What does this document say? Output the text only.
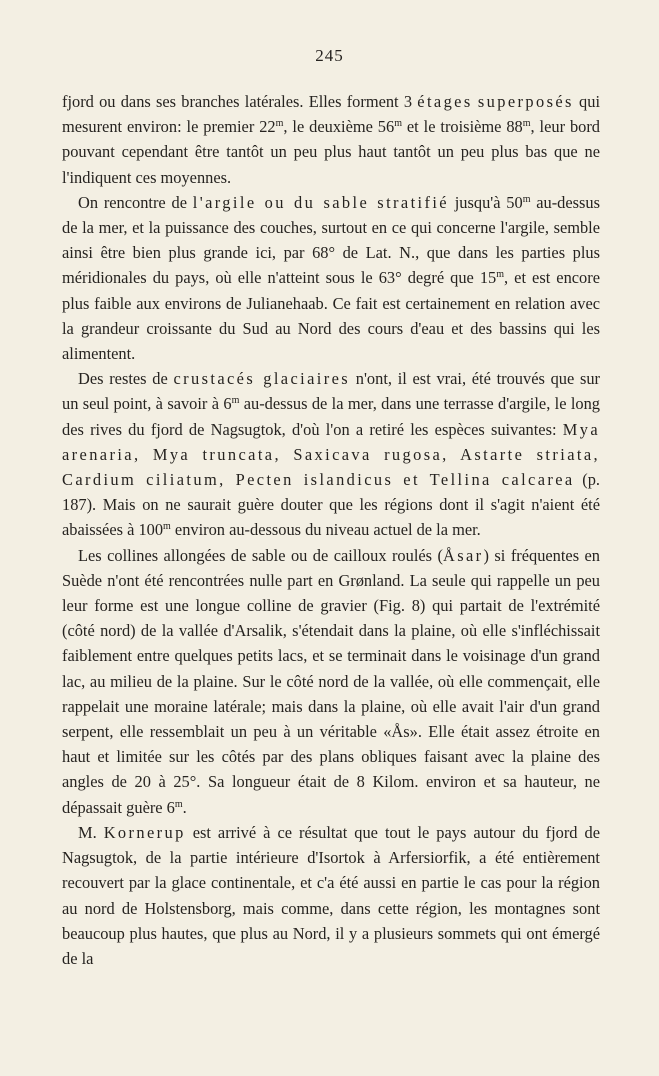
245

fjord ou dans ses branches latérales. Elles forment 3 étages superposés qui mesurent environ: le premier 22$^m$, le deuxième 56$^m$ et le troisième 88$^m$, leur bord pouvant cependant être tantôt un peu plus haut tantôt un peu plus bas que ne l'indiquent ces moyennes.

On rencontre de l'argile ou du sable stratifié jusqu'à 50$^m$ au-dessus de la mer, et la puissance des couches, surtout en ce qui concerne l'argile, semble ainsi être bien plus grande ici, par 68° de Lat. N., que dans les parties plus méridionales du pays, où elle n'atteint sous le 63° degré que 15$^m$, et est encore plus faible aux environs de Julianehaab. Ce fait est certainement en relation avec la grandeur croissante du Sud au Nord des cours d'eau et des bassins qui les alimentent.

Des restes de crustacés glaciaires n'ont, il est vrai, été trouvés que sur un seul point, à savoir à 6$^m$ au-dessus de la mer, dans une terrasse d'argile, le long des rives du fjord de Nagsugtok, d'où l'on a retiré les espèces suivantes: Mya arenaria, Mya truncata, Saxicava rugosa, Astarte striata, Cardium ciliatum, Pecten islandicus et Tellina calcarea (p. 187). Mais on ne saurait guère douter que les régions dont il s'agit n'aient été abaissées à 100$^m$ environ au-dessous du niveau actuel de la mer.

Les collines allongées de sable ou de cailloux roulés (Åsar) si fréquentes en Suède n'ont été rencontrées nulle part en Grønland. La seule qui rappelle un peu leur forme est une longue colline de gravier (Fig. 8) qui partait de l'extrémité (côté nord) de la vallée d'Arsalik, s'étendait dans la plaine, où elle s'infléchissait faiblement entre quelques petits lacs, et se terminait dans le voisinage d'un grand lac, au milieu de la plaine. Sur le côté nord de la vallée, où elle commençait, elle rappelait une moraine latérale; mais dans la plaine, où elle avait l'air d'un grand serpent, elle ressemblait un peu à un véritable «Ås». Elle était assez étroite en haut et limitée sur les côtés par des plans obliques faisant avec la plaine des angles de 20 à 25°. Sa longueur était de 8 Kilom. environ et sa hauteur, ne dépassait guère 6$^m$.

M. Kornerup est arrivé à ce résultat que tout le pays autour du fjord de Nagsugtok, de la partie intérieure d'Isortok à Arfersiorfik, a été entièrement recouvert par la glace continentale, et c'a été aussi en partie le cas pour la région au nord de Holstensborg, mais comme, dans cette région, les montagnes sont beaucoup plus hautes, que plus au Nord, il y a plusieurs sommets qui ont émergé de la
